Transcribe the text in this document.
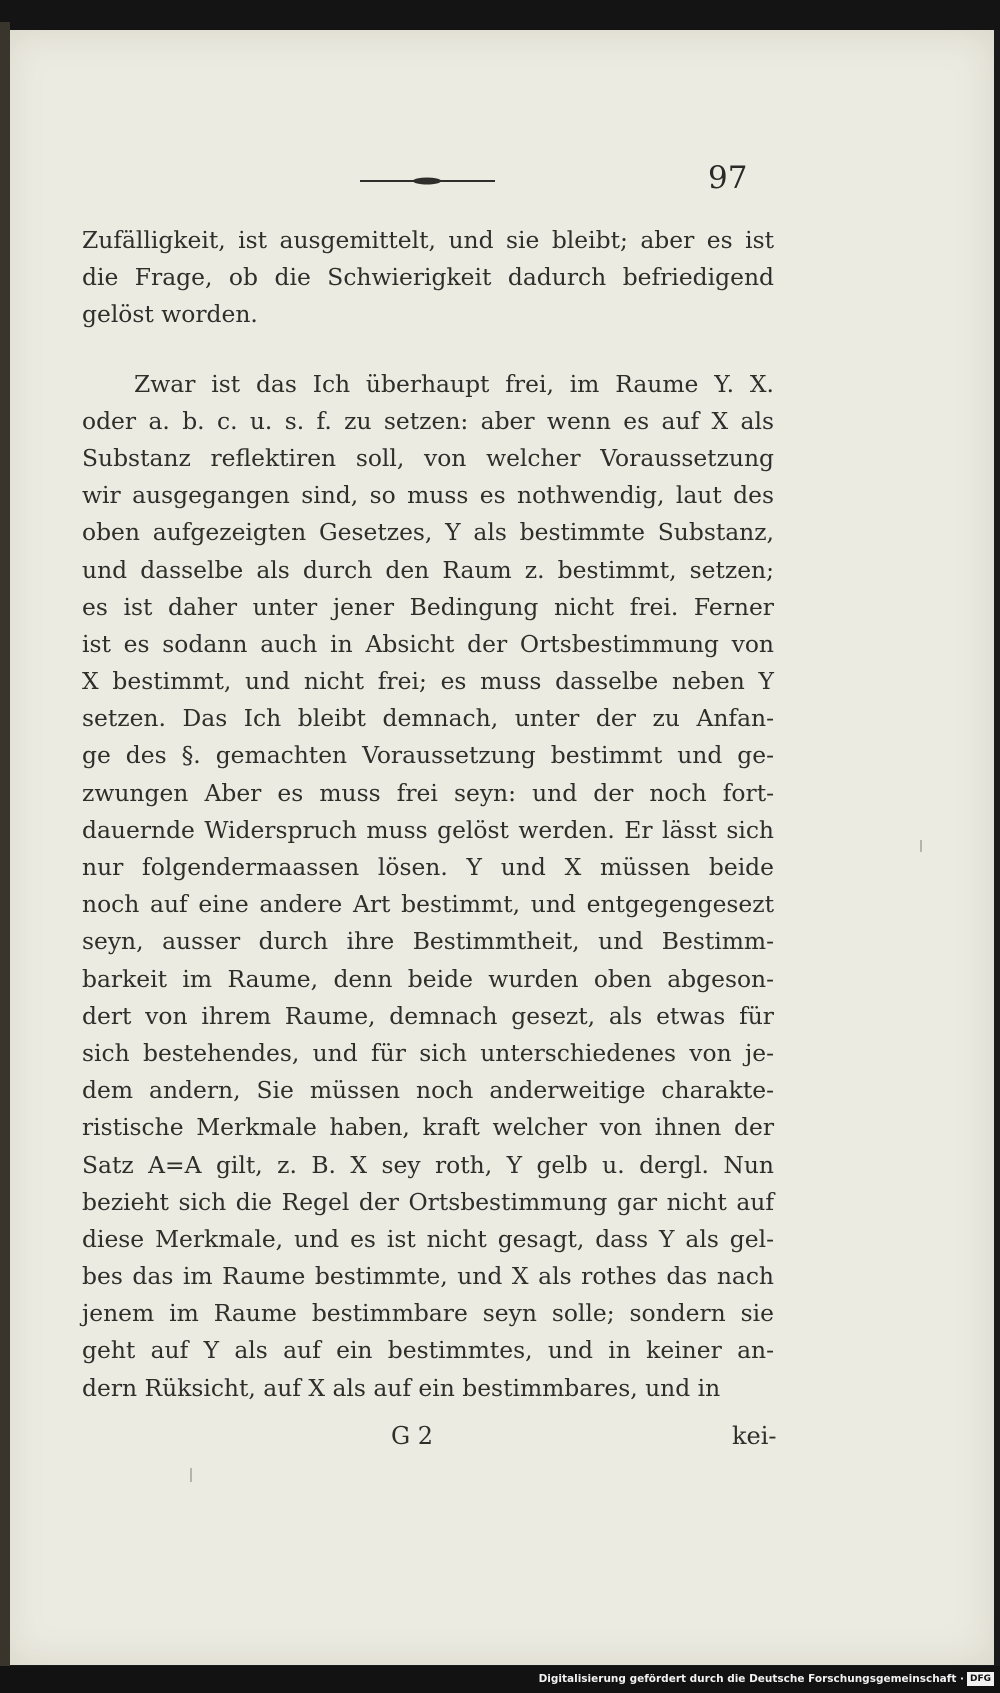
97
Zufälligkeit, ist ausgemittelt, und sie bleibt; aber es ist
die Frage, ob die Schwierigkeit dadurch befriedigend
gelöst worden.
Zwar ist das Ich überhaupt frei, im Raume Y. X.
oder a. b. c. u. s. f. zu setzen: aber wenn es auf X als
Substanz reflektiren soll, von welcher Voraussetzung
wir ausgegangen sind, so muss es nothwendig, laut des
oben aufgezeigten Gesetzes, Y als bestimmte Substanz,
und dasselbe als durch den Raum z. bestimmt, setzen;
es ist daher unter jener Bedingung nicht frei. Ferner
ist es sodann auch in Absicht der Ortsbestimmung von
X bestimmt, und nicht frei; es muss dasselbe neben Y
setzen. Das Ich bleibt demnach, unter der zu Anfan-
ge des §. gemachten Voraussetzung bestimmt und ge-
zwungen Aber es muss frei seyn: und der noch fort-
dauernde Widerspruch muss gelöst werden. Er lässt sich
nur folgendermaassen lösen. Y und X müssen beide
noch auf eine andere Art bestimmt, und entgegengesezt
seyn, ausser durch ihre Bestimmtheit, und Bestimm-
barkeit im Raume, denn beide wurden oben abgeson-
dert von ihrem Raume, demnach gesezt, als etwas für
sich bestehendes, und für sich unterschiedenes von je-
dem andern, Sie müssen noch anderweitige charakte-
ristische Merkmale haben, kraft welcher von ihnen der
Satz A=A gilt, z. B. X sey roth, Y gelb u. dergl. Nun
bezieht sich die Regel der Ortsbestimmung gar nicht auf
diese Merkmale, und es ist nicht gesagt, dass Y als gel-
bes das im Raume bestimmte, und X als rothes das nach
jenem im Raume bestimmbare seyn solle; sondern sie
geht auf Y als auf ein bestimmtes, und in keiner an-
dern Rüksicht, auf X als auf ein bestimmbares, und in
G 2	kei-
Digitalisierung gefördert durch die Deutsche Forschungsgemeinschaft · DFG
